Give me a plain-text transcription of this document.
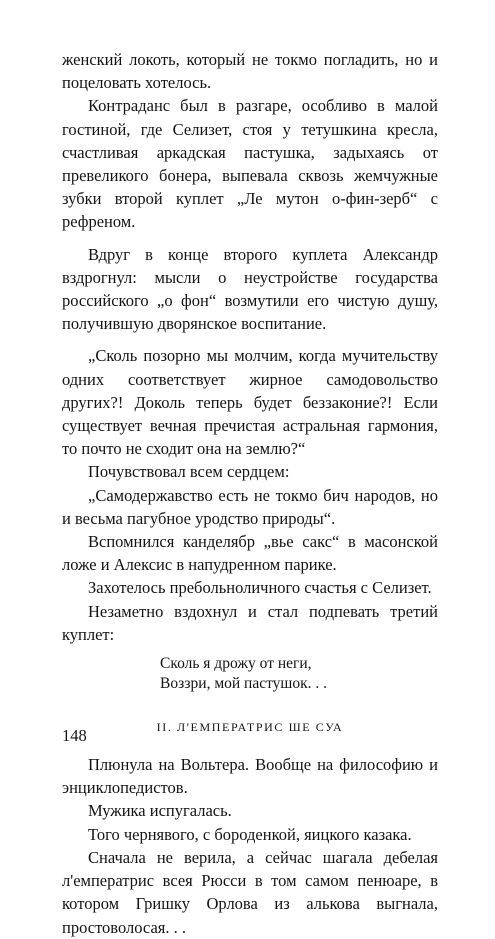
женский локоть, который не токмо погладить, но и поцеловать хотелось.

Контраданс был в разгаре, особливо в малой гостиной, где Селизет, стоя у тетушкина кресла, счастливая аркадская пастушка, задыхаясь от превеликого бонера, выпевала сквозь жемчужные зубки второй куплет „Ле мутон о-фин-зерб“ с рефреном.

Вдруг в конце второго куплета Александр вздрогнул: мысли о неустройстве государства российского „о фон“ возмутили его чистую душу, получившую дворянское воспитание.

„Сколь позорно мы молчим, когда мучительству одних соответствует жирное самодовольство других?! Доколь теперь будет беззаконие?! Если существует вечная пречистая астральная гармония, то почто не сходит она на землю?“

Почувствовал всем сердцем:

„Самодержавство есть не токмо бич народов, но и весьма пагубное уродство природы“.

Вспомнился канделябр „вье сакс“ в масонской ложе и Алексис в напудренном парике.

Захотелось пребольноличного счастья с Селизет.

Незаметно вздохнул и стал подпевать третий куплет:

Сколь я дрожу от неги,
Воззри, мой пастушок. . .
II. Л'ЕМПЕРАТРИС ШЕ СУА

Плюнула на Вольтера. Вообще на философию и энциклопедистов.

Мужика испугалась.

Того чернявого, с бороденкой, яицкого казака.

Сначала не верила, а сейчас шагала дебелая л'емператрис всея Рюсси в том самом пенюаре, в котором Гришку Орлова из алькова выгнала, простоволосая. . .

148
